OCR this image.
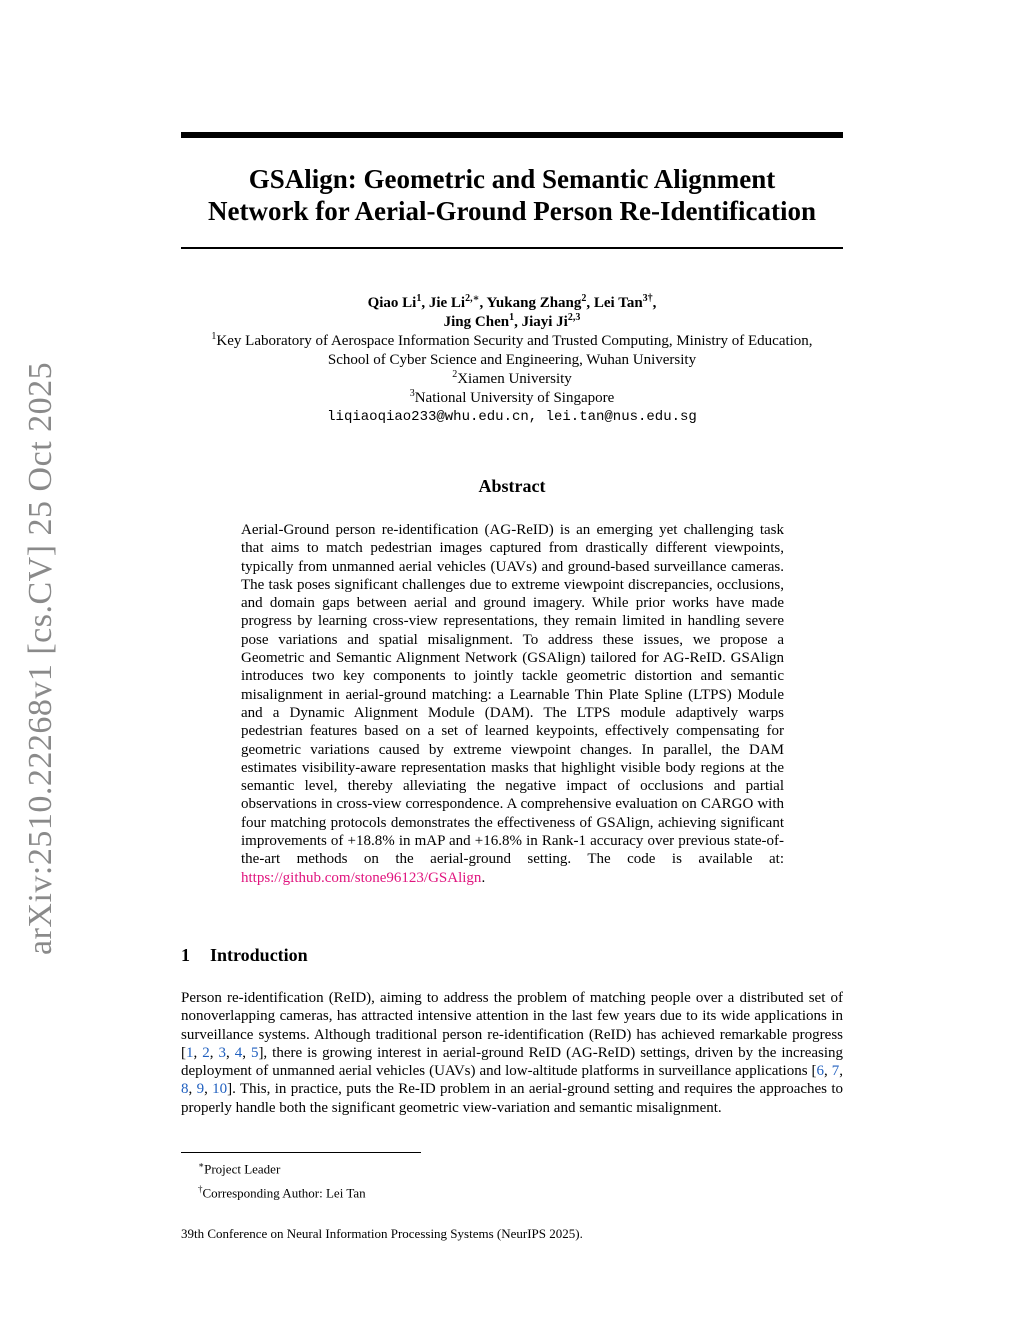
arXiv:2510.22268v1 [cs.CV] 25 Oct 2025
GSAlign: Geometric and Semantic Alignment
Network for Aerial-Ground Person Re-Identification
Qiao Li$^1$, Jie $Li^{2,∗}$, Yukang Zhang$^2$, Lei Tan$^{3\dagger}$,
Jing Chen$^1$, Jiayi Ji$^{2,3}$
$^1$Key Laboratory of Aerospace Information Security and Trusted Computing, Ministry of Education,
School of Cyber Science and Engineering, Wuhan University
$^2$Xiamen University
$^3$National University of Singapore
liqiaoqiao233@whu.edu.cn, lei.tan@nus.edu.sg
Abstract

Aerial-Ground person re-identification (AG-ReID) is an emerging yet challenging task that aims to match pedestrian images captured from drastically different viewpoints, typically from unmanned aerial vehicles (UAVs) and ground-based surveillance cameras. The task poses significant challenges due to extreme viewpoint discrepancies, occlusions, and domain gaps between aerial and ground imagery. While prior works have made progress by learning cross-view representations, they remain limited in handling severe pose variations and spatial misalignment. To address these issues, we propose a Geometric and Semantic Alignment Network (GSAlign) tailored for AG-ReID. GSAlign introduces two key components to jointly tackle geometric distortion and semantic misalignment in aerial-ground matching: a Learnable Thin Plate Spline (LTPS) Module and a Dynamic Alignment Module (DAM). The LTPS module adaptively warps pedestrian features based on a set of learned keypoints, effectively compensating for geometric variations caused by extreme viewpoint changes. In parallel, the DAM estimates visibility-aware representation masks that highlight visible body regions at the semantic level, thereby alleviating the negative impact of occlusions and partial observations in cross-view correspondence. A comprehensive evaluation on CARGO with four matching protocols demonstrates the effectiveness of GSAlign, achieving significant improvements of +18.8% in mAP and +16.8% in Rank-1 accuracy over previous state-of-the-art methods on the aerial-ground setting. The code is available at: https://github.com/stone96123/GSAlign.

1 Introduction

Person re-identification (ReID), aiming to address the problem of matching people over a distributed set of nonoverlapping cameras, has attracted intensive attention in the last few years due to its wide applications in surveillance systems. Although traditional person re-identification (ReID) has achieved remarkable progress [1, 2, 3, 4, 5], there is growing interest in aerial-ground ReID (AG-ReID) settings, driven by the increasing deployment of unmanned aerial vehicles (UAVs) and low-altitude platforms in surveillance applications [6, 7, 8, 9, 10]. This, in practice, puts the Re-ID problem in an aerial-ground setting and requires the approaches to properly handle both the significant geometric view-variation and semantic misalignment.

∗Project Leader
†Corresponding Author: Lei Tan
39th Conference on Neural Information Processing Systems (NeurIPS 2025).
